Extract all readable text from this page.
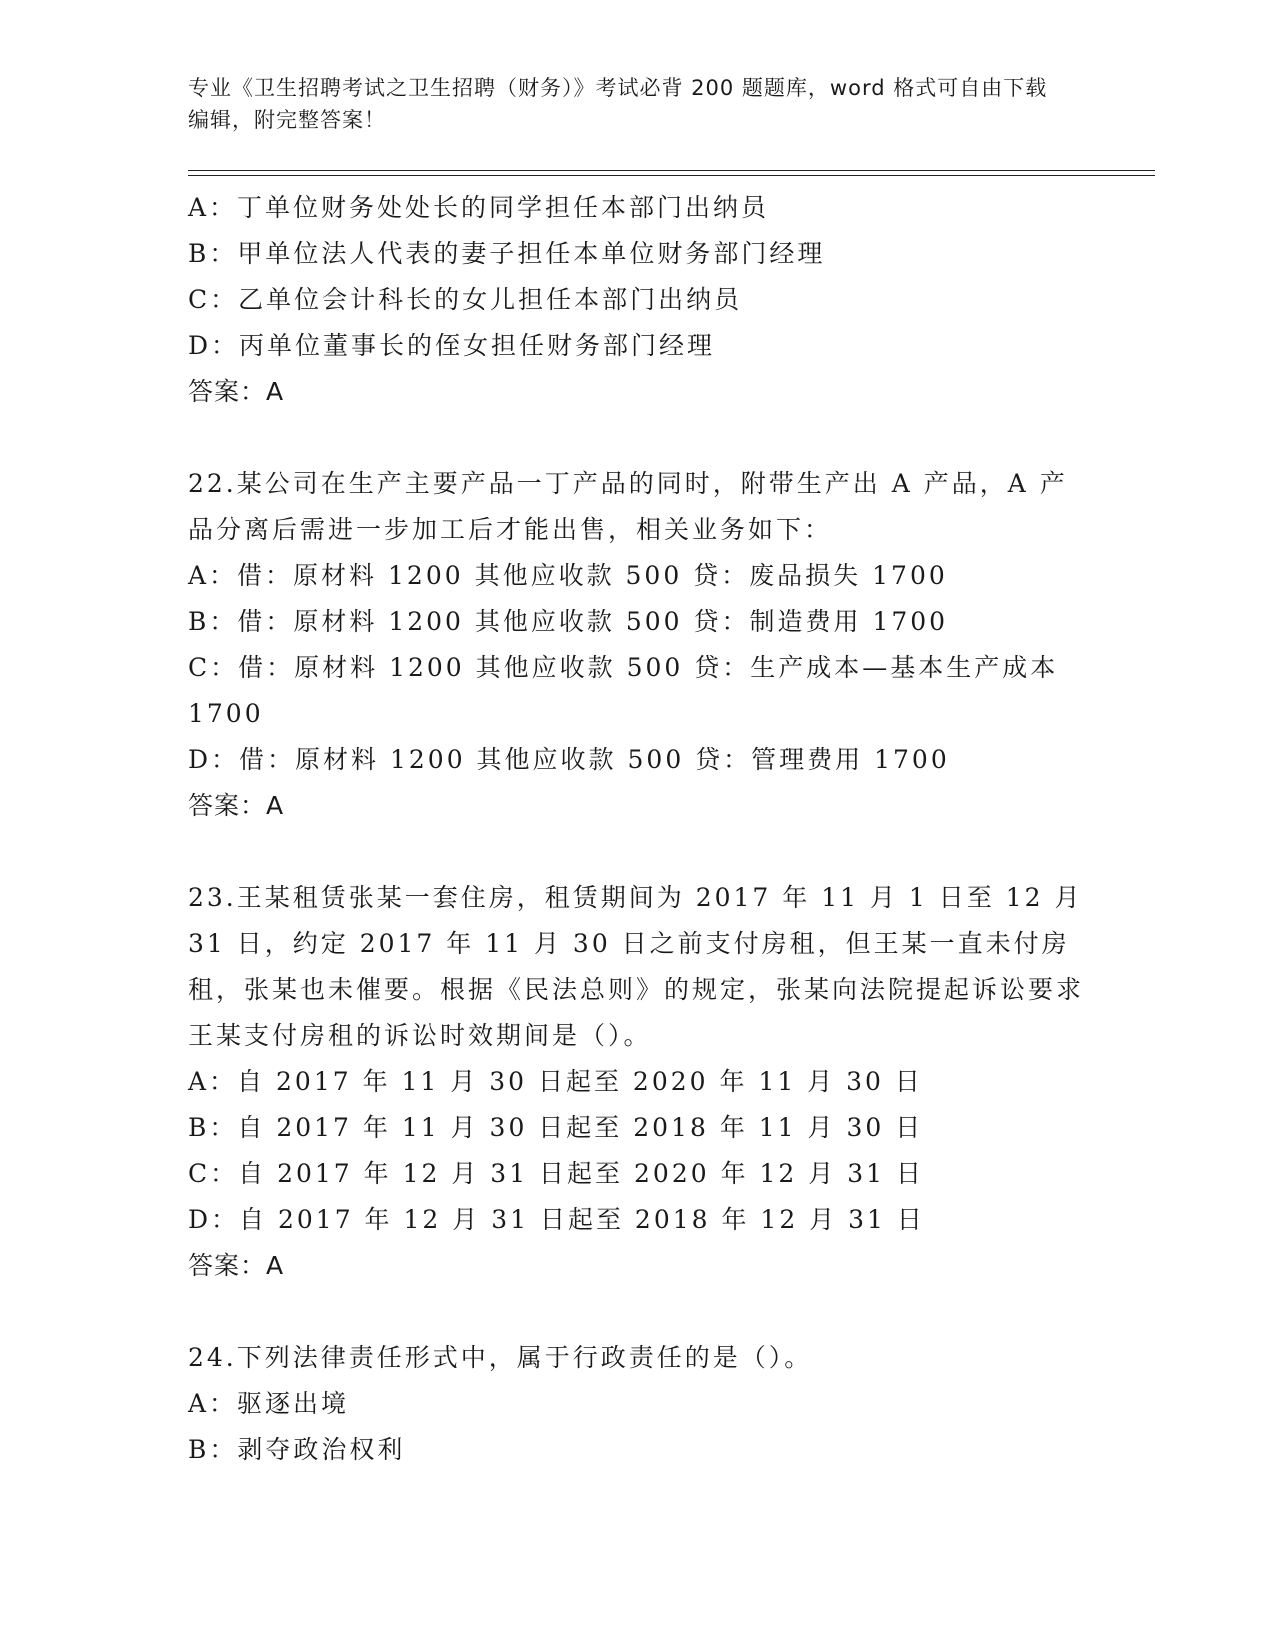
专业《卫生招聘考试之卫生招聘（财务）》考试必背 200 题题库，word 格式可自由下载编辑，附完整答案！
A：丁单位财务处处长的同学担任本部门出纳员
B：甲单位法人代表的妻子担任本单位财务部门经理
C：乙单位会计科长的女儿担任本部门出纳员
D：丙单位董事长的侄女担任财务部门经理
答案：A
22.某公司在生产主要产品一丁产品的同时，附带生产出 A 产品，A 产品分离后需进一步加工后才能出售，相关业务如下：
A：借：原材料 1200 其他应收款 500 贷：废品损失 1700
B：借：原材料 1200 其他应收款 500 贷：制造费用 1700
C：借：原材料 1200 其他应收款 500 贷：生产成本—基本生产成本
1700
D：借：原材料 1200 其他应收款 500 贷：管理费用 1700
答案：A
23.王某租赁张某一套住房，租赁期间为 2017 年 11 月 1 日至 12 月 31 日，约定 2017 年 11 月 30 日之前支付房租，但王某一直未付房租，张某也未催要。根据《民法总则》的规定，张某向法院提起诉讼要求王某支付房租的诉讼时效期间是（）。
A：自 2017 年 11 月 30 日起至 2020 年 11 月 30 日
B：自 2017 年 11 月 30 日起至 2018 年 11 月 30 日
C：自 2017 年 12 月 31 日起至 2020 年 12 月 31 日
D：自 2017 年 12 月 31 日起至 2018 年 12 月 31 日
答案：A
24.下列法律责任形式中，属于行政责任的是（）。
A：驱逐出境
B：剥夺政治权利
